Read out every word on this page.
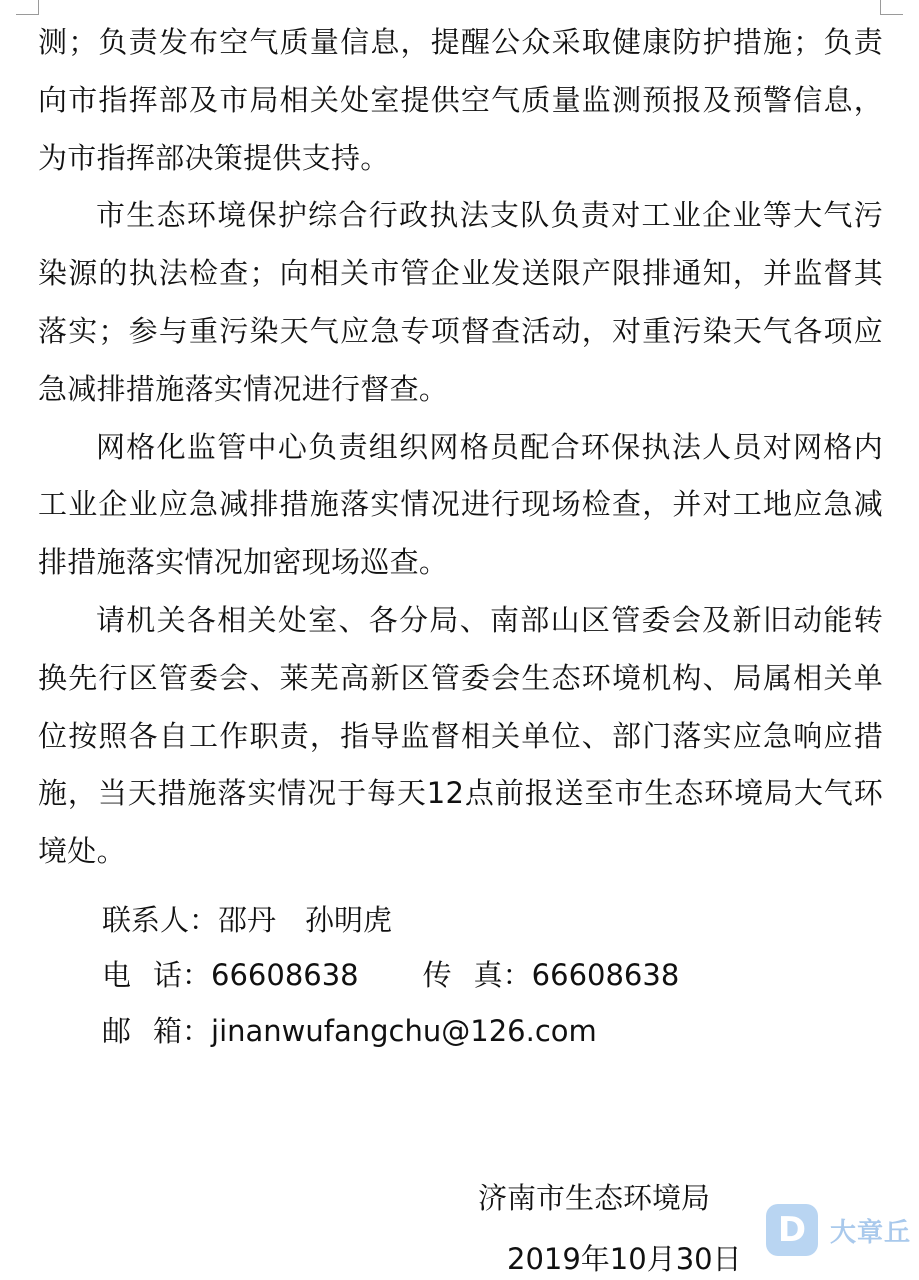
测；负责发布空气质量信息，提醒公众采取健康防护措施；负责向市指挥部及市局相关处室提供空气质量监测预报及预警信息，为市指挥部决策提供支持。

市生态环境保护综合行政执法支队负责对工业企业等大气污染源的执法检查；向相关市管企业发送限产限排通知，并监督其落实；参与重污染天气应急专项督查活动，对重污染天气各项应急减排措施落实情况进行督查。

网格化监管中心负责组织网格员配合环保执法人员对网格内工业企业应急减排措施落实情况进行现场检查，并对工地应急减排措施落实情况加密现场巡查。

请机关各相关处室、各分局、南部山区管委会及新旧动能转换先行区管委会、莱芜高新区管委会生态环境机构、局属相关单位按照各自工作职责，指导监督相关单位、部门落实应急响应措施，当天措施落实情况于每天12点前报送至市生态环境局大气环境处。

联系人：邵丹　孙明虎
电 话：66608638 传 真：66608638
邮 箱：jinanwufangchu@126.com
济南市生态环境局
2019年10月30日
D 大章丘
